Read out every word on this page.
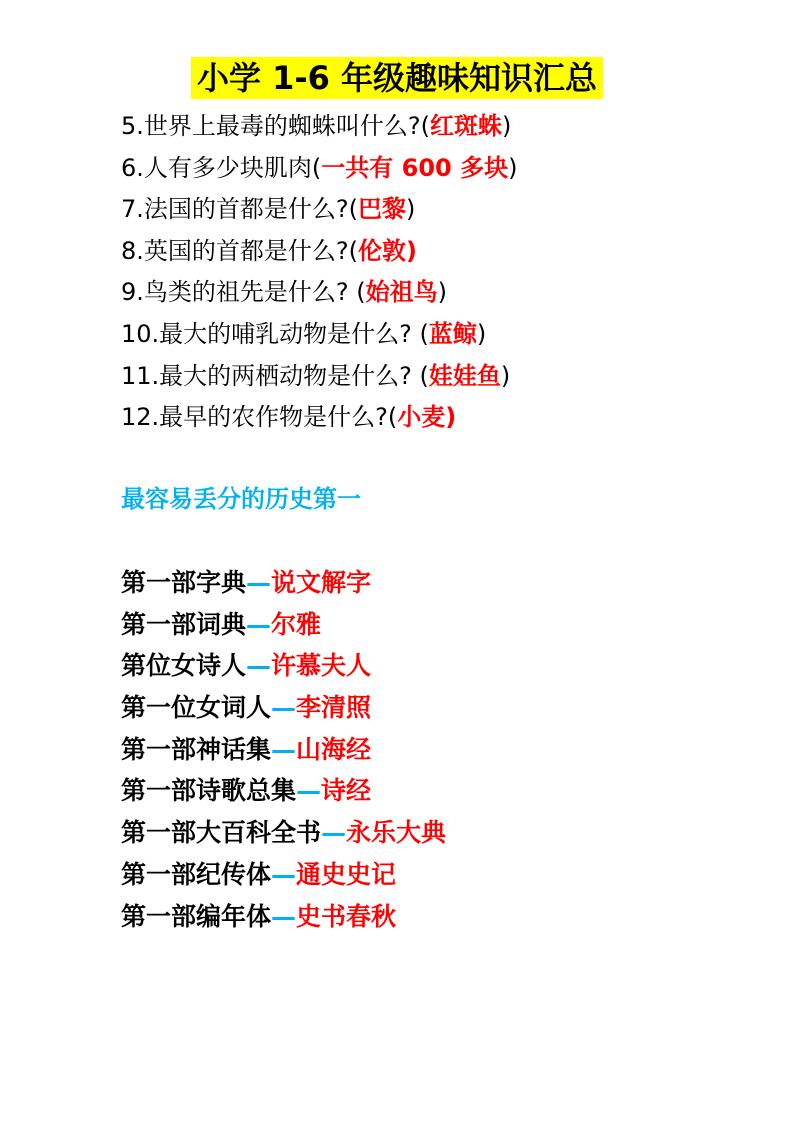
小学 1-6 年级趣味知识汇总
5.世界上最毒的蜘蛛叫什么?(红斑蛛)
6.人有多少块肌肉(一共有 600 多块)
7.法国的首都是什么?(巴黎)
8.英国的首都是什么?(伦敦)
9.鸟类的祖先是什么? (始祖鸟)
10.最大的哺乳动物是什么? (蓝鲸)
11.最大的两栖动物是什么? (娃娃鱼)
12.最早的农作物是什么?(小麦)
最容易丢分的历史第一
第一部字典—说文解字
第一部词典—尔雅
第位女诗人—许慕夫人
第一位女词人—李清照
第一部神话集—山海经
第一部诗歌总集—诗经
第一部大百科全书—永乐大典
第一部纪传体—通史史记
第一部编年体—史书春秋
